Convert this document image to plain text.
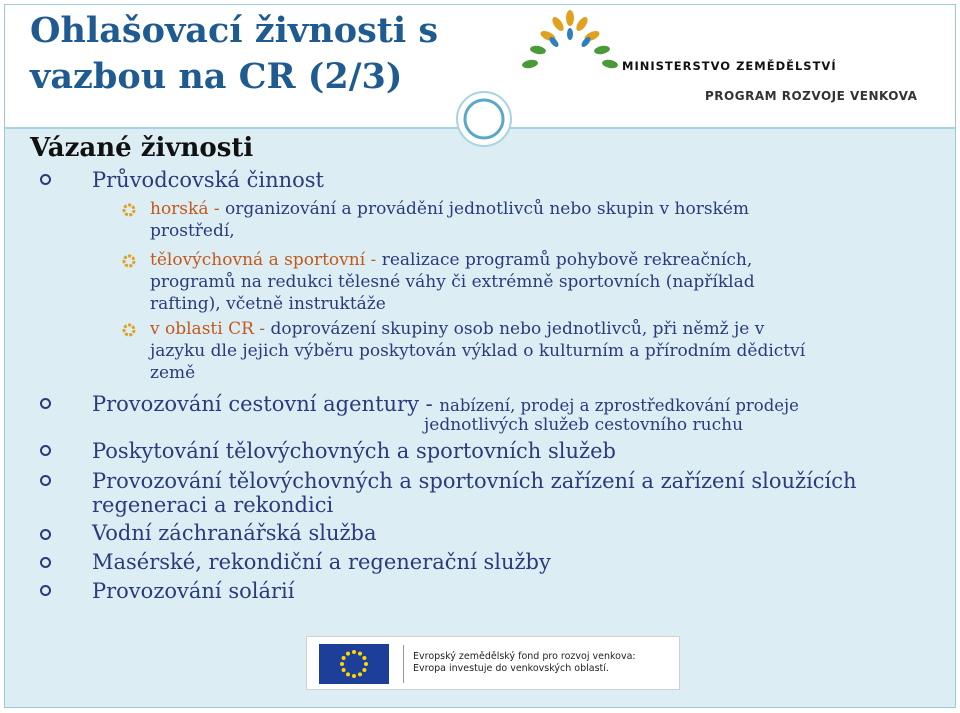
Ohlašovací živnosti s vazbou na CR (2/3)	MINISTERSTVO ZEMĚDĚLSTVÍ
PROGRAM ROZVOJE VENKOVA
Vázané živnosti

Průvodcovská činnost

horská - organizování a provádění jednotlivců nebo skupin v horském

prostředí,

tělovýchovná a sportovní - realizace programů pohybově rekreačních,

programů na redukci tělesné váhy či extrémně sportovních (například

rafting), včetně instruktáže

v oblasti CR - doprovázení skupiny osob nebo jednotlivců, při němž je v

jazyku dle jejich výběru poskytován výklad o kulturním a přírodním dědictví

země

Provozování cestovní agentury - nabízení, prodej a zprostředkování prodeje

jednotlivých služeb cestovního ruchu

Poskytování tělovýchovných a sportovních služeb

Provozování tělovýchovných a sportovních zařízení a zařízení sloužících

regeneraci a rekondici

Vodní záchranářská služba

Masérské, rekondiční a regenerační služby

Provozování solárií

Evropský zemědělský fond pro rozvoj venkova:
Evropa investuje do venkovských oblastí.
